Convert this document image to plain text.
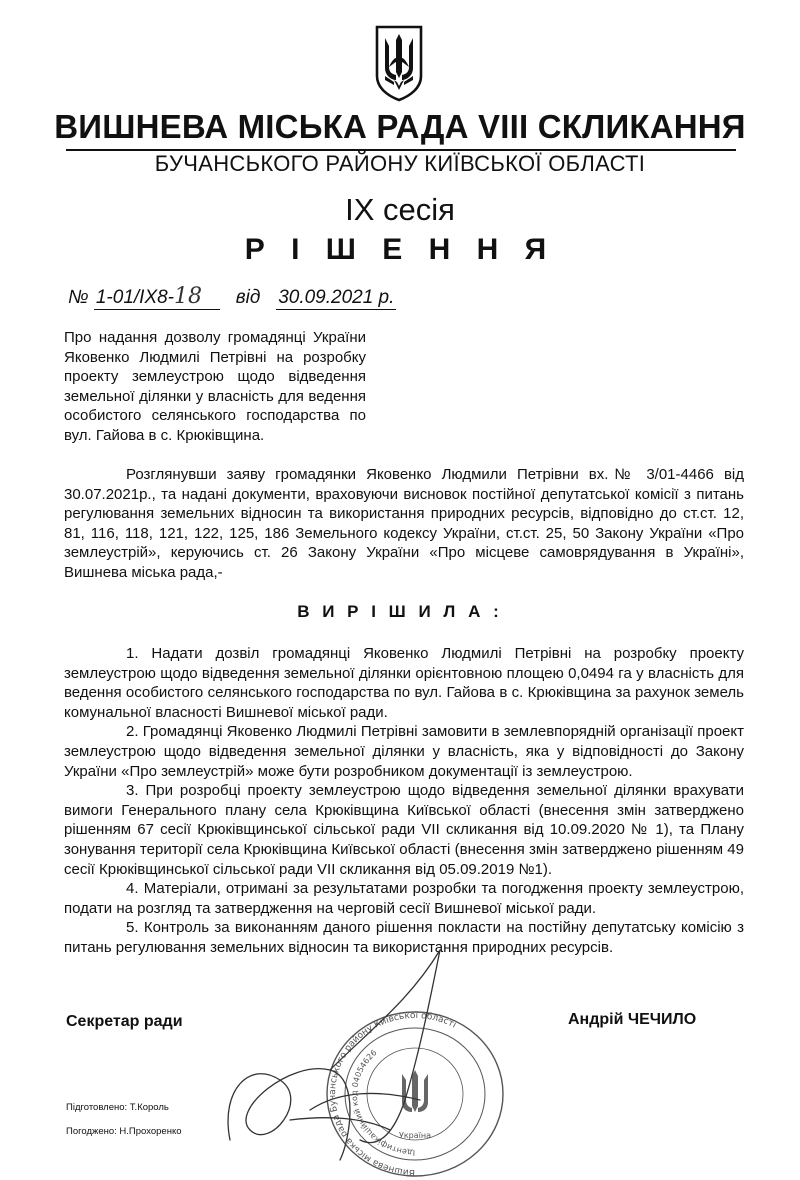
ВИШНЕВА МІСЬКА РАДА VIII СКЛИКАННЯ
БУЧАНСЬКОГО РАЙОНУ КИЇВСЬКОЇ ОБЛАСТІ
IX сесія
Р І Ш Е Н Н Я
№ 1-01/IX8-18 від 30.09.2021 р.
Про надання дозволу громадянці України Яковенко Людмилі Петрівні на розробку проекту землеустрою щодо відведення земельної ділянки у власність для ведення особистого селянського господарства по вул. Гайова в с. Крюківщина.
Розглянувши заяву громадянки Яковенко Людмили Петрівни вх.№ 3/01-4466 від 30.07.2021р., та надані документи, враховуючи висновок постійної депутатської комісії з питань регулювання земельних відносин та використання природних ресурсів, відповідно до ст.ст. 12, 81, 116, 118, 121, 122, 125, 186 Земельного кодексу України, ст.ст. 25, 50 Закону України «Про землеустрій», керуючись ст. 26 Закону України «Про місцеве самоврядування в Україні», Вишнева міська рада,-
В И Р І Ш И Л А :

1. Надати дозвіл громадянці Яковенко Людмилі Петрівні на розробку проекту землеустрою щодо відведення земельної ділянки орієнтовною площею 0,0494 га у власність для ведення особистого селянського господарства по вул. Гайова в с. Крюківщина за рахунок земель комунальної власності Вишневої міської ради.

2. Громадянці Яковенко Людмилі Петрівні замовити в землевпорядній організації проект землеустрою щодо відведення земельної ділянки у власність, яка у відповідності до Закону України «Про землеустрій» може бути розробником документації із землеустрою.

3. При розробці проекту землеустрою щодо відведення земельної ділянки врахувати вимоги Генерального плану села Крюківщина Київської області (внесення змін затверджено рішенням 67 сесії Крюківщинської сільської ради VII скликання від 10.09.2020 № 1), та Плану зонування території села Крюківщина Київської області (внесення змін затверджено рішенням 49 сесії Крюківщинської сільської ради VII скликання від 05.09.2019 №1).

4. Матеріали, отримані за результатами розробки та погодження проекту землеустрою, подати на розгляд та затвердження на черговій сесії Вишневої міської ради.

5. Контроль за виконанням даного рішення покласти на постійну депутатську комісію з питань регулювання земельних відносин та використання природних ресурсів.

Секретар ради	Андрій ЧЕЧИЛО
Вишнева міська рада Бучанського району Київської області
Ідентифікаційний код 04054626
Україна
Підготовлено: Т.Король
Погоджено: Н.Прохоренко
